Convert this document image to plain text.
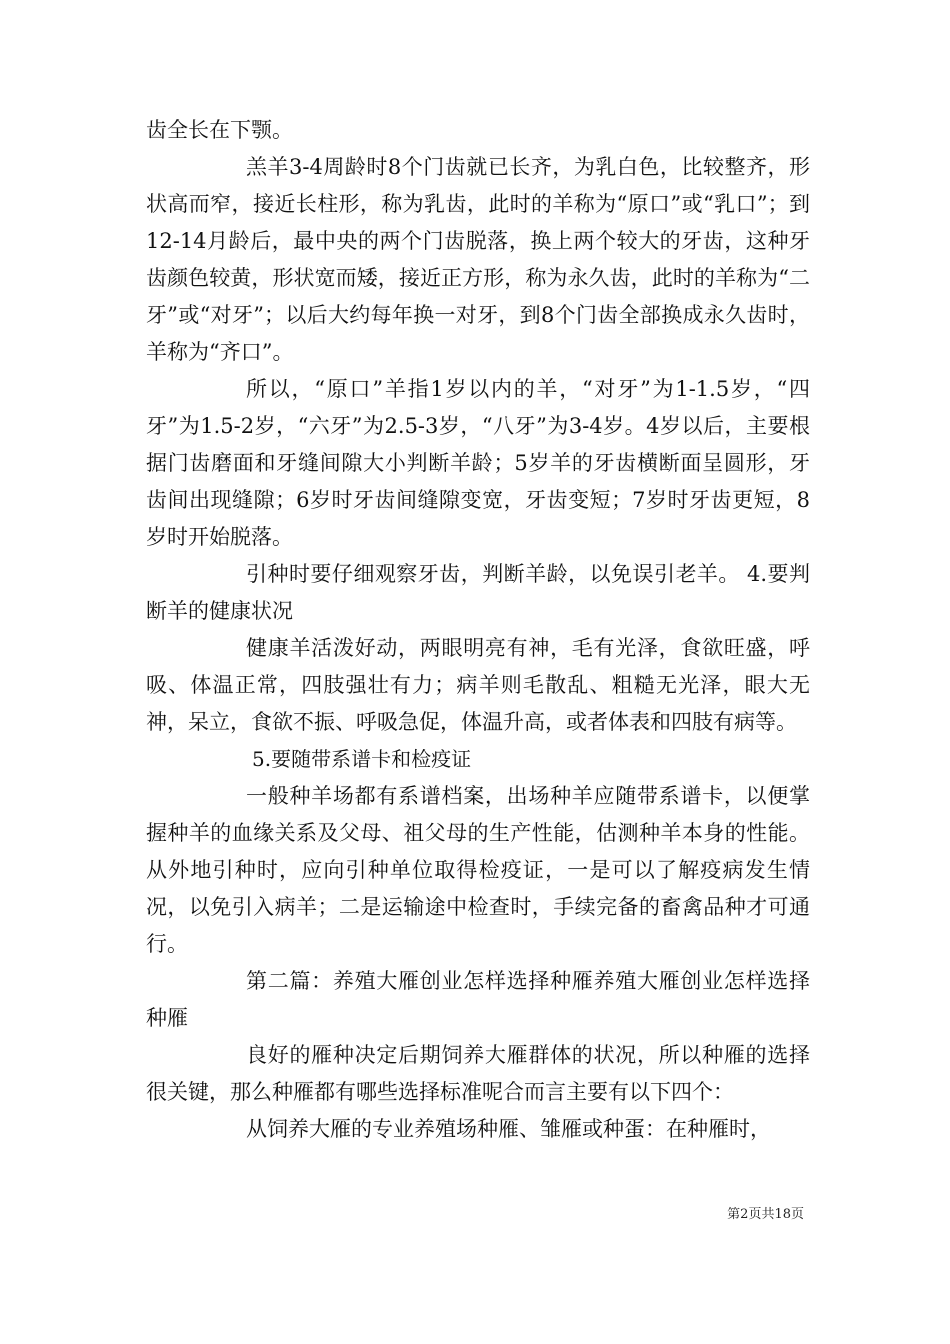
齿全长在下颚。

羔羊3-4周龄时8个门齿就已长齐，为乳白色，比较整齐，形状高而窄，接近长柱形，称为乳齿，此时的羊称为“原口”或“乳口”；到12-14月龄后，最中央的两个门齿脱落，换上两个较大的牙齿，这种牙齿颜色较黄，形状宽而矮，接近正方形，称为永久齿，此时的羊称为“二牙”或“对牙”；以后大约每年换一对牙，到8个门齿全部换成永久齿时，羊称为“齐口”。

所以，“原口”羊指1岁以内的羊，“对牙”为1-1.5岁，“四牙”为1.5-2岁，“六牙”为2.5-3岁，“八牙”为3-4岁。4岁以后，主要根据门齿磨面和牙缝间隙大小判断羊龄；5岁羊的牙齿横断面呈圆形，牙齿间出现缝隙；6岁时牙齿间缝隙变宽，牙齿变短；7岁时牙齿更短，8岁时开始脱落。

引种时要仔细观察牙齿，判断羊龄，以免误引老羊。 4.要判断羊的健康状况

健康羊活泼好动，两眼明亮有神，毛有光泽，食欲旺盛，呼吸、体温正常，四肢强壮有力；病羊则毛散乱、粗糙无光泽，眼大无神，呆立，食欲不振、呼吸急促，体温升高，或者体表和四肢有病等。

5.要随带系谱卡和检疫证

一般种羊场都有系谱档案，出场种羊应随带系谱卡，以便掌握种羊的血缘关系及父母、祖父母的生产性能，估测种羊本身的性能。从外地引种时，应向引种单位取得检疫证，一是可以了解疫病发生情况，以免引入病羊；二是运输途中检查时，手续完备的畜禽品种才可通行。

第二篇：养殖大雁创业怎样选择种雁养殖大雁创业怎样选择种雁

良好的雁种决定后期饲养大雁群体的状况，所以种雁的选择很关键，那么种雁都有哪些选择标准呢合而言主要有以下四个：

从饲养大雁的专业养殖场种雁、雏雁或种蛋：在种雁时，

第2页共18页
